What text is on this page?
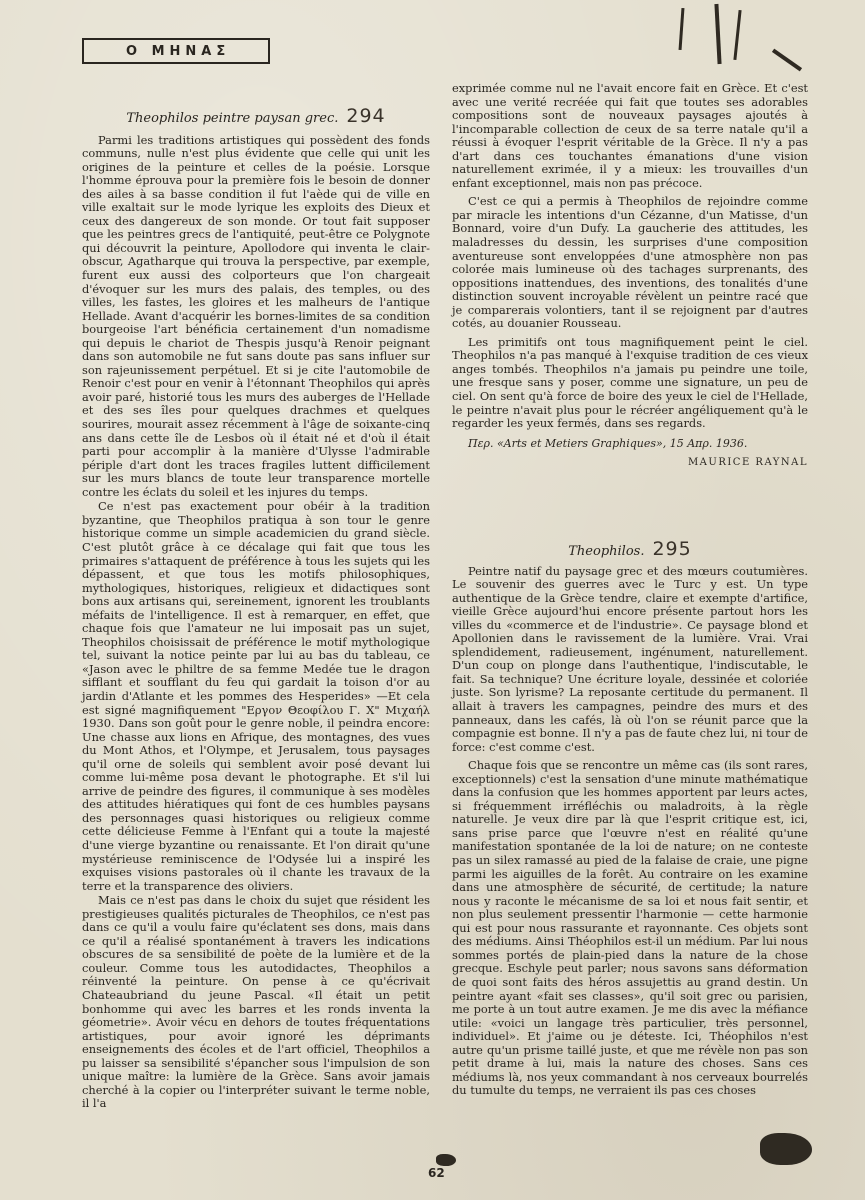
Ο ΜΗΝΑΣ
Theophilos peintre paysan grec. 294

Parmi les traditions artistiques qui possèdent des fonds communs, nulle n'est plus évidente que celle qui unit les origines de la peinture et celles de la poésie. Lorsque l'homme éprouva pour la première fois le besoin de donner des ailes à sa basse condition il fut l'aède qui de ville en ville exaltait sur le mode lyrique les exploits des Dieux et ceux des dangereux de son monde. Or tout fait supposer que les peintres grecs de l'antiquité, peut-être ce Polygnote qui découvrit la peinture, Apollodore qui inventa le clair-obscur, Agatharque qui trouva la perspective, par exemple, furent eux aussi des colporteurs que l'on chargeait d'évoquer sur les murs des palais, des temples, ou des villes, les fastes, les gloires et les malheurs de l'antique Hellade. Avant d'acquérir les bornes-limites de sa condition bourgeoise l'art bénéficia certainement d'un nomadisme qui depuis le chariot de Thespis jusqu'à Renoir peignant dans son automobile ne fut sans doute pas sans influer sur son rajeunissement perpétuel. Et si je cite l'automobile de Renoir c'est pour en venir à l'étonnant Theophilos qui après avoir paré, historié tous les murs des auberges de l'Hellade et des ses îles pour quelques drachmes et quelques sourires, mourait assez récemment à l'âge de soixante-cinq ans dans cette île de Lesbos où il était né et d'où il était parti pour accomplir à la manière d'Ulysse l'admirable périple d'art dont les traces fragiles luttent difficilement sur les murs blancs de toute leur transparence mortelle contre les éclats du soleil et les injures du temps.

Ce n'est pas exactement pour obéir à la tradition byzantine, que Theophilos pratiqua à son tour le genre historique comme un simple academicien du grand siècle. C'est plutôt grâce à ce décalage qui fait que tous les primaires s'attaquent de préférence à tous les sujets qui les dépassent, et que tous les motifs philosophiques, mythologiques, historiques, religieux et didactiques sont bons aux artisans qui, sereinement, ignorent les troublants méfaits de l'intelligence. Il est à remarquer, en effet, que chaque fois que l'amateur ne lui imposait pas un sujet, Theophilos choisissait de préférence le motif mythologique tel, suivant la notice peinte par lui au bas du tableau, ce «Jason avec le philtre de sa femme Medée tue le dragon sifflant et soufflant du feu qui gardait la toison d'or au jardin d'Atlante et les pommes des Hesperides» —Et cela est signé magnifiquement "Εργον Θεοφίλου Γ. Χ" Μιχαήλ 1930. Dans son goût pour le genre noble, il peindra encore: Une chasse aux lions en Afrique, des montagnes, des vues du Mont Athos, et l'Olympe, et Jerusalem, tous paysages qu'il orne de soleils qui semblent avoir posé devant lui comme lui-même posa devant le photographe. Et s'il lui arrive de peindre des figures, il communique à ses modèles des attitudes hiératiques qui font de ces humbles paysans des personnages quasi historiques ou religieux comme cette délicieuse Femme à l'Enfant qui a toute la majesté d'une vierge byzantine ou renaissante. Et l'on dirait qu'une mystérieuse reminiscence de l'Odyséе lui a inspiré les exquises visions pastorales où il chante les travaux de la terre et la transparence des oliviers.

Mais ce n'est pas dans le choix du sujet que résident les prestigieuses qualités picturales de Theophilos, ce n'est pas dans ce qu'il a voulu faire qu'éclatent ses dons, mais dans ce qu'il a réalisé spontanément à travers les indications obscures de sa sensibilité de poète de la lumière et de la couleur. Comme tous les autodidactes, Theophilos a réinventé la peinture. On pense à ce qu'écrivait Chateaubriand du jeune Pascal. «Il était un petit bonhomme qui avec les barres et les ronds inventa la géometrie». Avoir vécu en dehors de toutes fréquentations artistiques, pour avoir ignoré les déprimants enseignements des écoles et de l'art officiel, Theophilos a pu laisser sa sensibilité s'épancher sous l'impulsion de son unique maître: la lumière de la Grèce. Sans avoir jamais cherché à la copier ou l'interpréter suivant le terme noble, il l'a

exprimée comme nul ne l'avait encore fait en Grèce. Et c'est avec une verité recréée qui fait que toutes ses adorables compositions sont de nouveaux paysages ajoutés à l'incomparable collection de ceux de sa terre natale qu'il a réussi à évoquer l'esprit véritable de la Grèce. Il n'y a pas d'art dans ces touchantes émanations d'une vision naturellement exrimée, il y a mieux: les trouvailles d'un enfant exceptionnel, mais non pas précoce.

C'est ce qui a permis à Theophilos de rejoindre comme par miracle les intentions d'un Cézanne, d'un Matisse, d'un Bonnard, voire d'un Dufy. La gaucherie des attitudes, les maladresses du dessin, les surprises d'une composition aventureuse sont enveloppées d'une atmosphère non pas colorée mais lumineuse où des tachages surprenants, des oppositions inattendues, des inventions, des tonalités d'une distinction souvent incroyable révèlent un peintre racé que je comparerais volontiers, tant il se rejoignent par d'autres cotés, au douanier Rousseau.

Les primitifs ont tous magnifiquement peint le ciel. Theophilos n'a pas manqué à l'exquise tradition de ces vieux anges tombés. Theophilos n'a jamais pu peindre une toile, une fresque sans y poser, comme une signature, un peu de ciel. On sent qu'à force de boire des yeux le ciel de l'Hellade, le peintre n'avait plus pour le récréer angéliquement qu'à le regarder les yeux fermés, dans ses regards.

Περ. «Arts et Metiers Graphiques», 15 Απρ. 1936.
MAURICE RAYNAL
Theophilos. 295

Peintre natif du paysage grec et des mœurs coutumières. Le souvenir des guerres avec le Turc y est. Un type authentique de la Grèce tendre, claire et exempte d'artifice, vieille Grèce aujourd'hui encore présente partout hors les villes du «commerce et de l'industrie». Ce paysage blond et Apollonien dans le ravissement de la lumière. Vrai. Vrai splendidement, radieusement, ingénument, naturellement. D'un coup on plonge dans l'authentique, l'indiscutable, le fait. Sa technique? Une écriture loyale, dessinée et coloriée juste. Son lyrisme? La reposante certitude du permanent. Il allait à travers les campagnes, peindre des murs et des panneaux, dans les cafés, là où l'on se réunit parce que la compagnie est bonne. Il n'y a pas de faute chez lui, ni tour de force: c'est comme c'est.

Chaque fois que se rencontre un même cas (ils sont rares, exceptionnels) c'est la sensation d'une minute mathématique dans la confusion que les hommes apportent par leurs actes, si fréquemment irréfléchis ou maladroits, à la règle naturelle. Je veux dire par là que l'esprit critique est, ici, sans prise parce que l'œuvre n'est en réalité qu'une manifestation spontanée de la loi de nature; on ne conteste pas un silex ramassé au pied de la falaise de craie, une pigne parmi les aiguilles de la forêt. Au contraire on les examine dans une atmosphère de sécurité, de certitude; la nature nous y raconte le mécanisme de sa loi et nous fait sentir, et non plus seulement pressentir l'harmonie — cette harmonie qui est pour nous rassurante et rayonnante. Ces objets sont des médiums. Ainsi Théophilos est-il un médium. Par lui nous sommes portés de plain-pied dans la nature de la chose grecque. Eschyle peut parler; nous savons sans déformation de quoi sont faits des héros assujettis au grand destin. Un peintre ayant «fait ses classes», qu'il soit grec ou parisien, me porte à un tout autre examen. Je me dis avec la méfiance utile: «voici un langage très particulier, très personnel, individuel». Et j'aime ou je déteste. Ici, Théophilos n'est autre qu'un prisme taillé juste, et que me révèle non pas son petit drame à lui, mais la nature des choses. Sans ces médiums là, nos yeux commandant à nos cerveaux bourrelés du tumulte du temps, ne verraient ils pas ces choses

62
